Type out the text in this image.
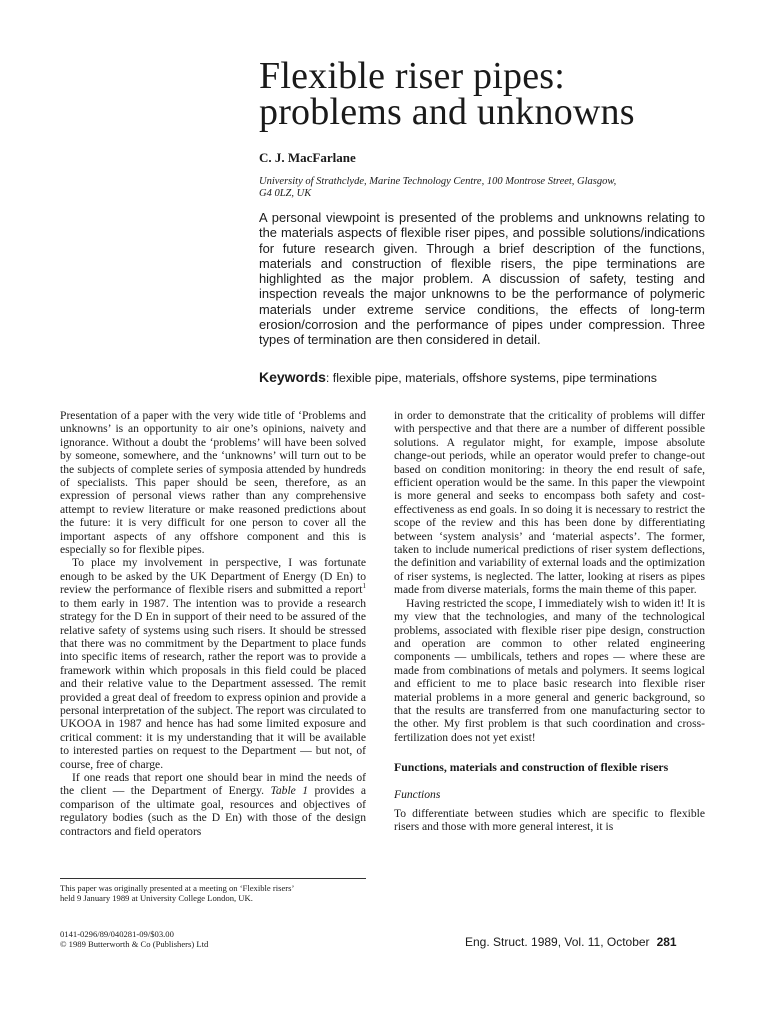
Flexible riser pipes:
problems and unknowns
C. J. MacFarlane
University of Strathclyde, Marine Technology Centre, 100 Montrose Street, Glasgow,
G4 0LZ, UK

A personal viewpoint is presented of the problems and unknowns relating to the materials aspects of flexible riser pipes, and possible solutions/indications for future research given. Through a brief description of the functions, materials and construction of flexible risers, the pipe terminations are highlighted as the major problem. A discussion of safety, testing and inspection reveals the major unknowns to be the performance of polymeric materials under extreme service conditions, the effects of long-term erosion/corrosion and the performance of pipes under compression. Three types of termination are then considered in detail.

Keywords: flexible pipe, materials, offshore systems, pipe terminations

Presentation of a paper with the very wide title of ‘Problems and unknowns’ is an opportunity to air one’s opinions, naivety and ignorance. Without a doubt the ‘problems’ will have been solved by someone, somewhere, and the ‘unknowns’ will turn out to be the subjects of complete series of symposia attended by hundreds of specialists. This paper should be seen, therefore, as an expression of personal views rather than any comprehensive attempt to review literature or make reasoned predictions about the future: it is very difficult for one person to cover all the important aspects of any offshore component and this is especially so for flexible pipes.

To place my involvement in perspective, I was fortunate enough to be asked by the UK Department of Energy (D En) to review the performance of flexible risers and submitted a report$^1$ to them early in 1987. The intention was to provide a research strategy for the D En in support of their need to be assured of the relative safety of systems using such risers. It should be stressed that there was no commitment by the Department to place funds into specific items of research, rather the report was to provide a framework within which proposals in this field could be placed and their relative value to the Department assessed. The remit provided a great deal of freedom to express opinion and provide a personal interpretation of the subject. The report was circulated to UKOOA in 1987 and hence has had some limited exposure and critical comment: it is my understanding that it will be available to interested parties on request to the Department — but not, of course, free of charge.

If one reads that report one should bear in mind the needs of the client — the Department of Energy. Table 1 provides a comparison of the ultimate goal, resources and objectives of regulatory bodies (such as the D En) with those of the design contractors and field operators

in order to demonstrate that the criticality of problems will differ with perspective and that there are a number of different possible solutions. A regulator might, for example, impose absolute change-out periods, while an operator would prefer to change-out based on condition monitoring: in theory the end result of safe, efficient operation would be the same. In this paper the viewpoint is more general and seeks to encompass both safety and cost-effectiveness as end goals. In so doing it is necessary to restrict the scope of the review and this has been done by differentiating between ‘system analysis’ and ‘material aspects’. The former, taken to include numerical predictions of riser system deflections, the definition and variability of external loads and the optimization of riser systems, is neglected. The latter, looking at risers as pipes made from diverse materials, forms the main theme of this paper.

Having restricted the scope, I immediately wish to widen it! It is my view that the technologies, and many of the technological problems, associated with flexible riser pipe design, construction and operation are common to other related engineering components — umbilicals, tethers and ropes — where these are made from combinations of metals and polymers. It seems logical and efficient to me to place basic research into flexible riser material problems in a more general and generic background, so that the results are transferred from one manufacturing sector to the other. My first problem is that such coordination and cross-fertilization does not yet exist!

Functions, materials and construction of flexible risers

Functions

To differentiate between studies which are specific to flexible risers and those with more general interest, it is

This paper was originally presented at a meeting on ‘Flexible risers’
held 9 January 1989 at University College London, UK.
0141-0296/89/040281-09/$03.00
© 1989 Butterworth & Co (Publishers) Ltd	Eng. Struct. 1989, Vol. 11, October 281
